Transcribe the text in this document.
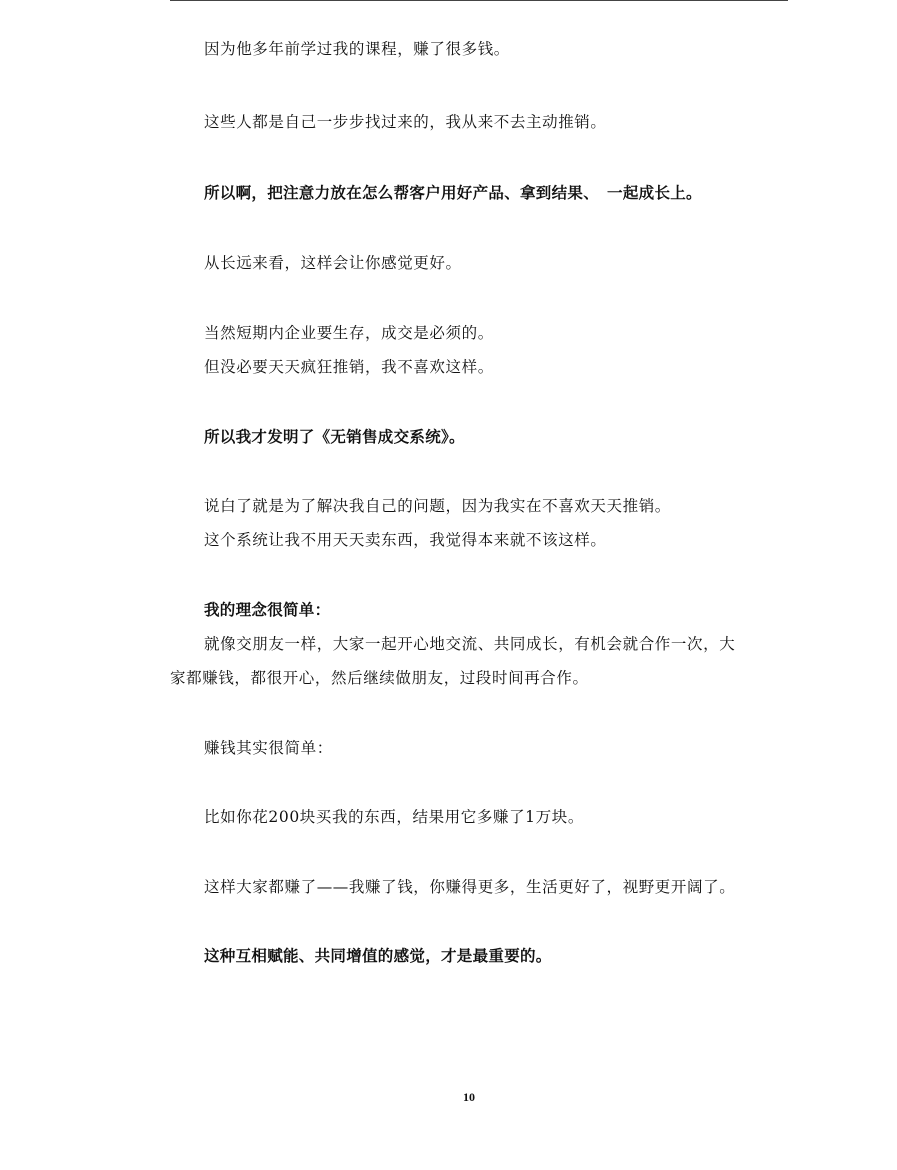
因为他多年前学过我的课程，赚了很多钱。
这些人都是自己一步步找过来的，我从来不去主动推销。
所以啊，把注意力放在怎么帮客户用好产品、拿到结果、　一起成长上。
从长远来看，这样会让你感觉更好。
当然短期内企业要生存，成交是必须的。
但没必要天天疯狂推销，我不喜欢这样。
所以我才发明了《无销售成交系统》。
说白了就是为了解决我自己的问题，因为我实在不喜欢天天推销。
这个系统让我不用天天卖东西，我觉得本来就不该这样。
我的理念很简单：
就像交朋友一样，大家一起开心地交流、共同成长，有机会就合作一次，大
家都赚钱，都很开心，然后继续做朋友，过段时间再合作。
赚钱其实很简单：
比如你花200块买我的东西，结果用它多赚了1万块。
这样大家都赚了——我赚了钱，你赚得更多，生活更好了，视野更开阔了。
这种互相赋能、共同增值的感觉，才是最重要的。
10
